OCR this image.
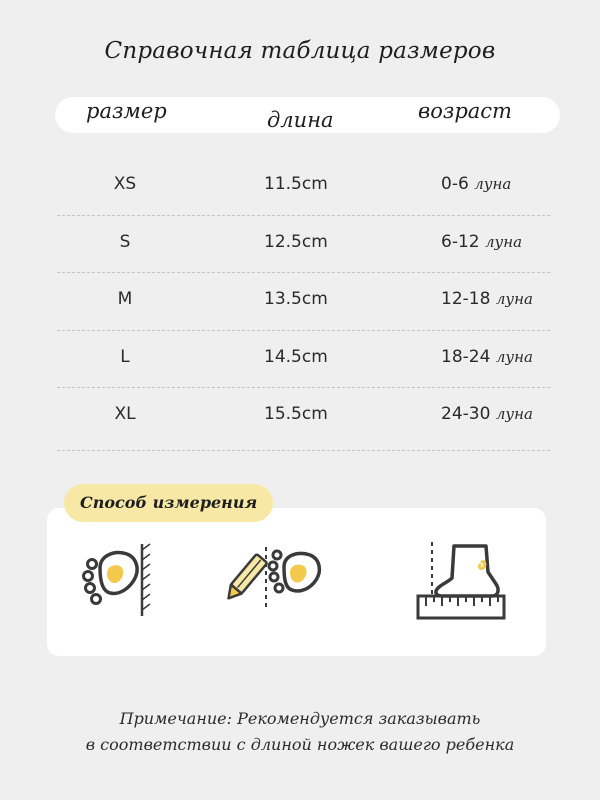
Справочная таблица размеров
размер	длина	возраст
XS	11.5cm	0-6 луна
S	12.5cm	6-12 луна
M	13.5cm	12-18 луна
L	14.5cm	18-24 луна
XL	15.5cm	24-30 луна
Способ измерения
Примечание: Рекомендуется заказывать
в соответствии с длиной ножек вашего ребенка
